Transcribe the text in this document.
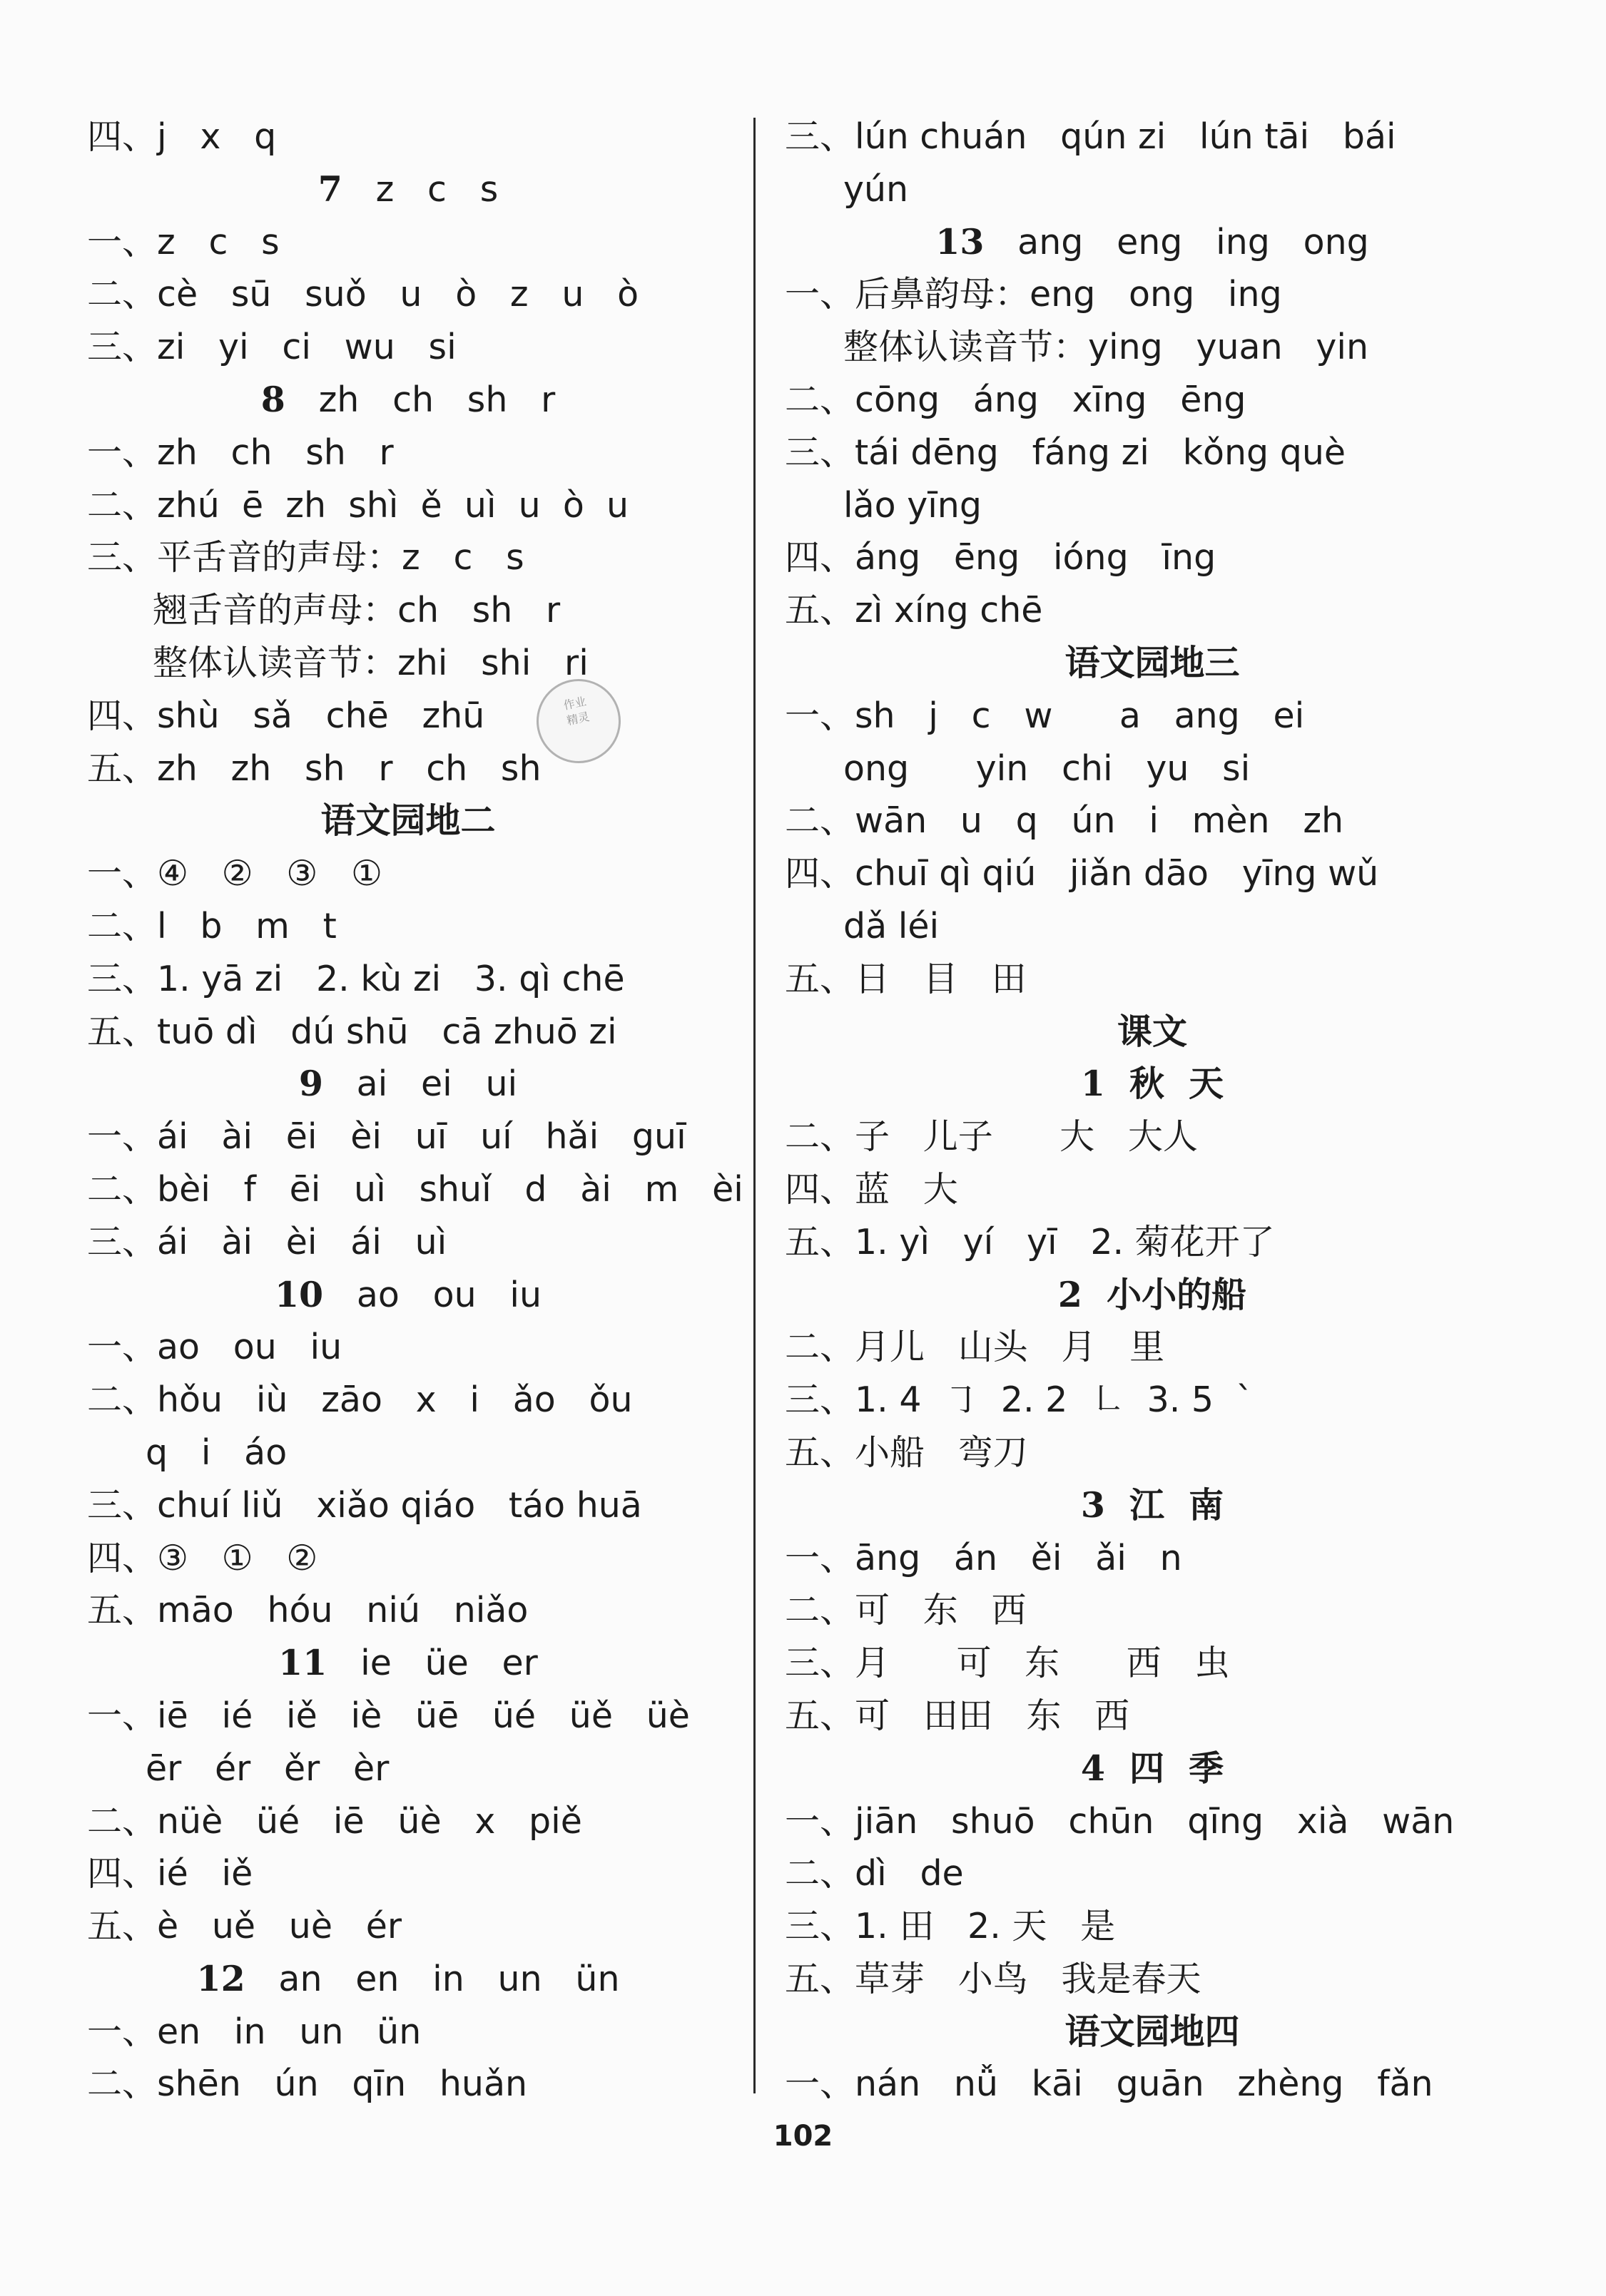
四、j   x   q
7   z   c   s
一、z   c   s
二、cè   sū   suǒ   u   ò   z   u   ò
三、zi   yi   ci   wu   si
8   zh   ch   sh   r
一、zh   ch   sh   r
二、zhú  ē  zh  shì  ě  uì  u  ò  u
三、平舌音的声母：z   c   s
翘舌音的声母：ch   sh   r
整体认读音节：zhi   shi   ri
四、shù   sǎ   chē   zhū
五、zh   zh   sh   r   ch   sh
语文园地二
一、④   ②   ③   ①
二、l   b   m   t
三、1. yā zi   2. kù zi   3. qì chē
五、tuō dì   dú shū   cā zhuō zi
9   ai   ei   ui
一、ái   ài   ēi   èi   uī   uí   hǎi   guī
二、bèi   f   ēi   uì   shuǐ   d   ài   m   èi
三、ái   ài   èi   ái   uì
10   ao   ou   iu
一、ao   ou   iu
二、hǒu   iù   zāo   x   i   ǎo   ǒu
q   i   áo
三、chuí liǔ   xiǎo qiáo   táo huā
四、③   ①   ②
五、māo   hóu   niú   niǎo
11   ie   üe   er
一、iē   ié   iě   iè   üē   üé   üě   üè
ēr   ér   ěr   èr
二、nüè   üé   iē   üè   x   piě
四、ié   iě
五、è   uě   uè   ér
12   an   en   in   un   ün
一、en   in   un   ün
二、shēn   ún   qīn   huǎn
三、lún chuán   qún zi   lún tāi   bái
yún
13   ang   eng   ing   ong
一、后鼻韵母：eng   ong   ing
整体认读音节：ying   yuan   yin
二、cōng   áng   xīng   ēng
三、tái dēng   fáng zi   kǒng què
lǎo yīng
四、áng   ēng   ióng   īng
五、zì xíng chē
语文园地三
一、sh   j   c   w      a   ang   ei
ong      yin   chi   yu   si
二、wān   u   q   ún   i   mèn   zh
四、chuī qì qiú   jiǎn dāo   yīng wǔ
dǎ léi
五、日   目   田
课文
1  秋  天
二、子   儿子      大   大人
四、蓝   大
五、1. yì   yí   yī   2. 菊花开了
2  小小的船
二、月儿   山头   月   里
三、1. 4  ㇆  2. 2  ㇗  3. 5  ˋ
五、小船   弯刀
3  江  南
一、āng   án   ěi   ǎi   n
二、可   东   西
三、月      可   东      西   虫
五、可   田田   东   西
4  四  季
一、jiān   shuō   chūn   qīng   xià   wān
二、dì   de
三、1. 田   2. 天   是
五、草芽   小鸟   我是春天
语文园地四
一、nán   nǚ   kāi   guān   zhèng   fǎn
作业
精灵
102
